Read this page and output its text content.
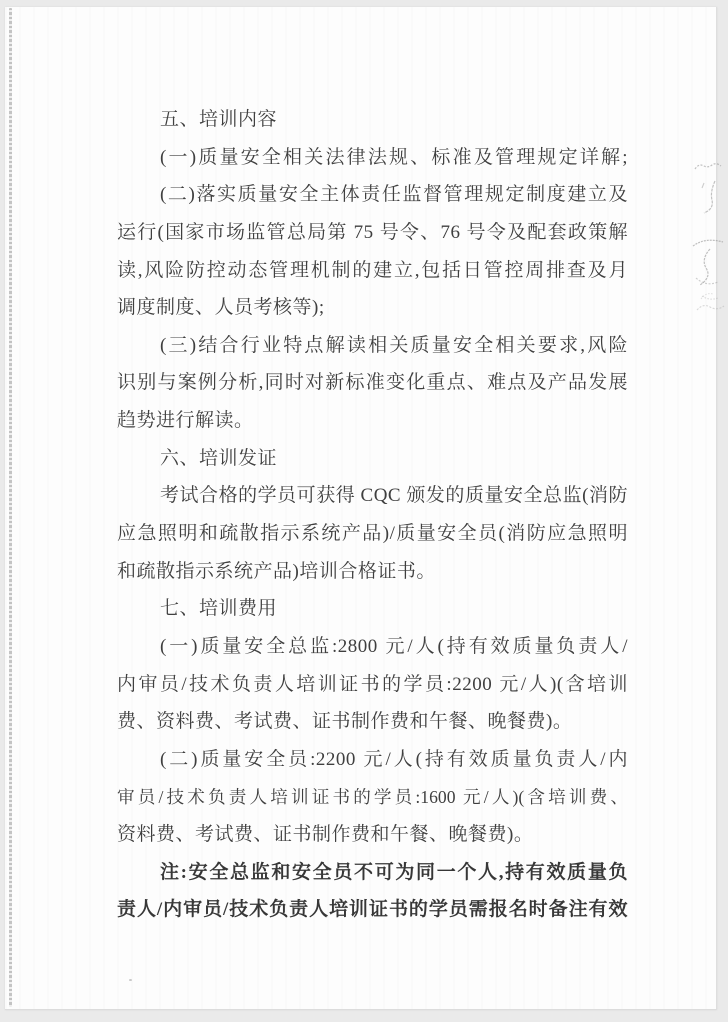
五、培训内容
(一)质量安全相关法律法规、标准及管理规定详解;
(二)落实质量安全主体责任监督管理规定制度建立及
运行(国家市场监管总局第 75 号令、76 号令及配套政策解
读,风险防控动态管理机制的建立,包括日管控周排查及月
调度制度、人员考核等);
(三)结合行业特点解读相关质量安全相关要求,风险
识别与案例分析,同时对新标准变化重点、难点及产品发展
趋势进行解读。
六、培训发证
考试合格的学员可获得 CQC 颁发的质量安全总监(消防
应急照明和疏散指示系统产品)/质量安全员(消防应急照明
和疏散指示系统产品)培训合格证书。
七、培训费用
(一)质量安全总监:2800 元/人(持有效质量负责人/
内审员/技术负责人培训证书的学员:2200 元/人)(含培训
费、资料费、考试费、证书制作费和午餐、晚餐费)。
(二)质量安全员:2200 元/人(持有效质量负责人/内
审员/技术负责人培训证书的学员:1600 元/人)(含培训费、
资料费、考试费、证书制作费和午餐、晚餐费)。
注:安全总监和安全员不可为同一个人,持有效质量负
责人/内审员/技术负责人培训证书的学员需报名时备注有效
